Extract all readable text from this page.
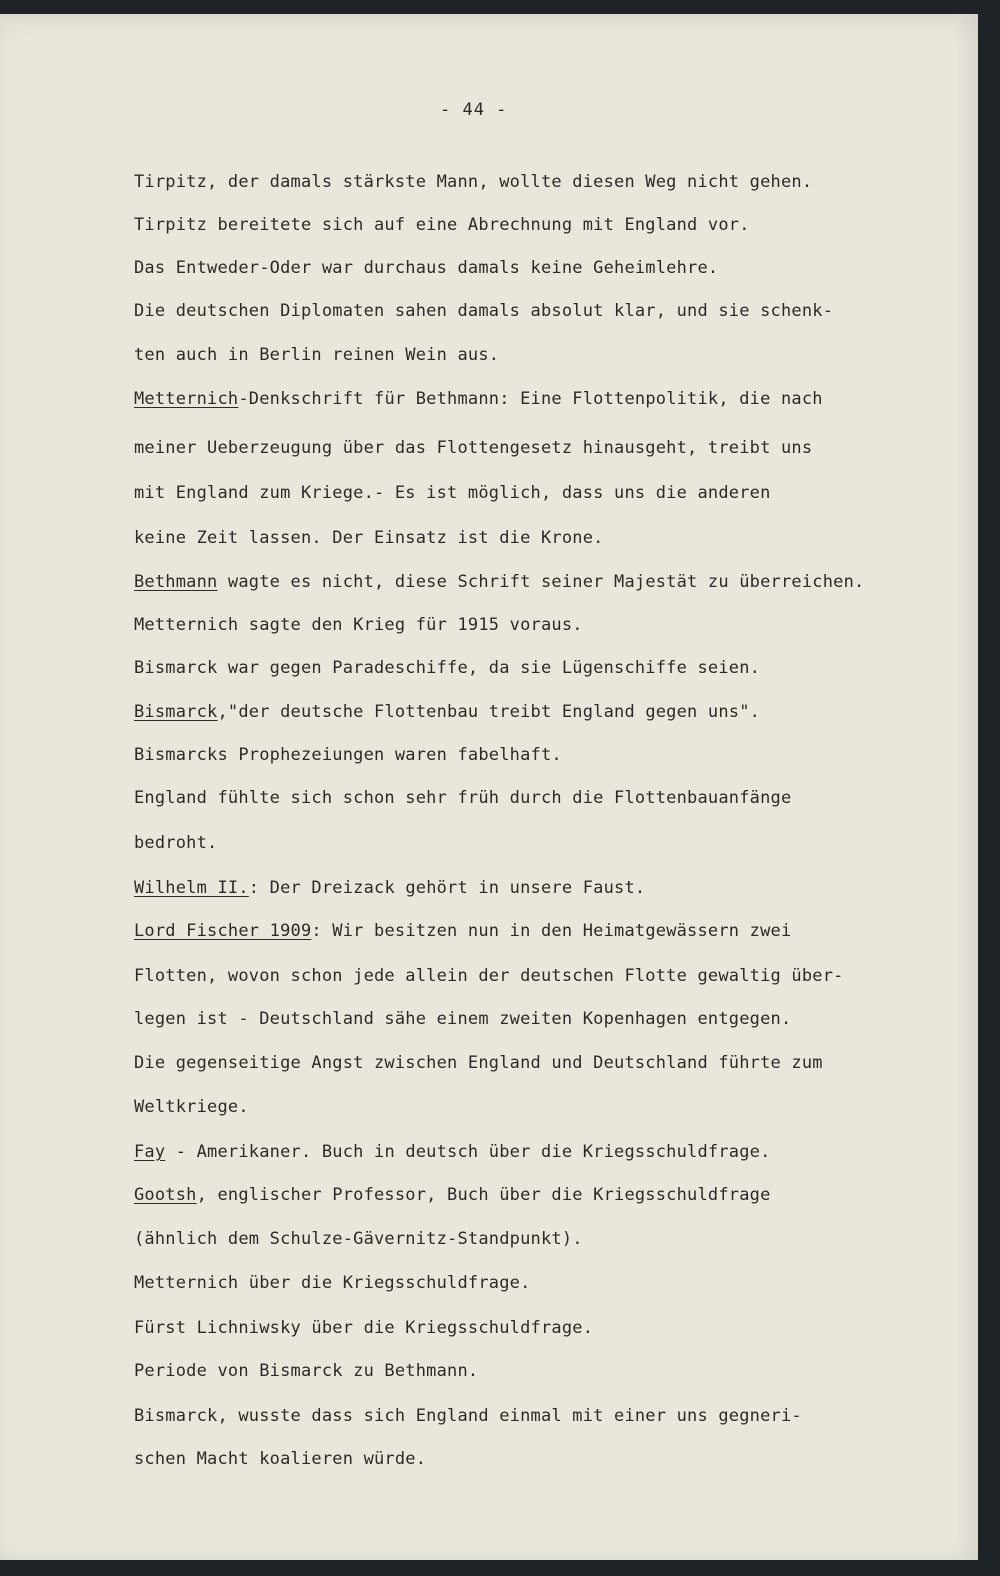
- 44 -
Tirpitz, der damals stärkste Mann, wollte diesen Weg nicht gehen.
Tirpitz bereitete sich auf eine Abrechnung mit England vor.
Das Entweder-Oder war durchaus damals keine Geheimlehre.
Die deutschen Diplomaten sahen damals absolut klar, und sie schenk-
ten auch in Berlin reinen Wein aus.
Metternich-Denkschrift für Bethmann: Eine Flottenpolitik, die nach
meiner Ueberzeugung über das Flottengesetz hinausgeht, treibt uns
mit England zum Kriege.- Es ist möglich, dass uns die anderen
keine Zeit lassen. Der Einsatz ist die Krone.
Bethmann wagte es nicht, diese Schrift seiner Majestät zu überreichen.
Metternich sagte den Krieg für 1915 voraus.
Bismarck war gegen Paradeschiffe, da sie Lügenschiffe seien.
Bismarck,"der deutsche Flottenbau treibt England gegen uns".
Bismarcks Prophezeiungen waren fabelhaft.
England fühlte sich schon sehr früh durch die Flottenbauanfänge
bedroht.
Wilhelm II.: Der Dreizack gehört in unsere Faust.
Lord Fischer 1909: Wir besitzen nun in den Heimatgewässern zwei
Flotten, wovon schon jede allein der deutschen Flotte gewaltig über-
legen ist - Deutschland sähe einem zweiten Kopenhagen entgegen.
Die gegenseitige Angst zwischen England und Deutschland führte zum
Weltkriege.
Fay - Amerikaner. Buch in deutsch über die Kriegsschuldfrage.
Gootsh, englischer Professor, Buch über die Kriegsschuldfrage
(ähnlich dem Schulze-Gävernitz-Standpunkt).
Metternich über die Kriegsschuldfrage.
Fürst Lichniwsky über die Kriegsschuldfrage.
Periode von Bismarck zu Bethmann.
Bismarck, wusste dass sich England einmal mit einer uns gegneri-
schen Macht koalieren würde.
